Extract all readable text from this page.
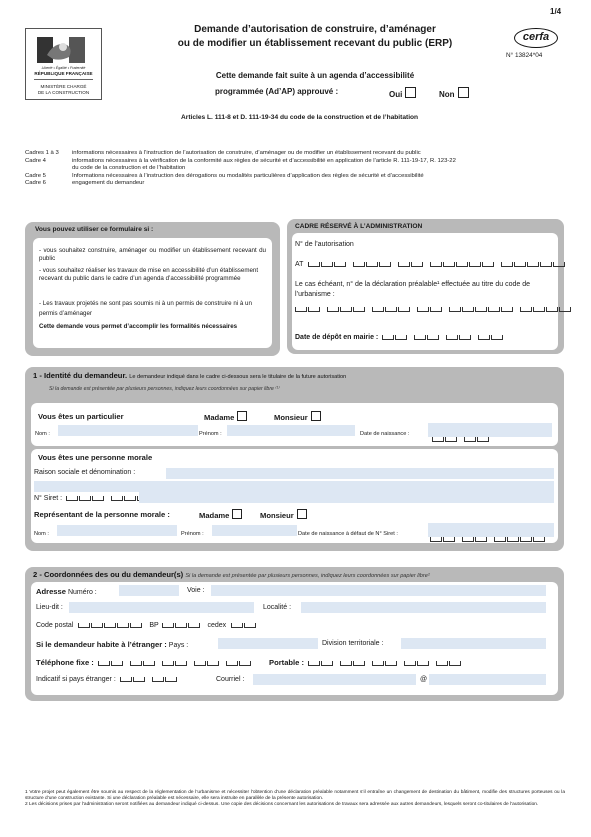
1/4
Liberté • Égalité • Fraternité
RÉPUBLIQUE FRANÇAISE
MINISTÈRE CHARGÉ
DE LA CONSTRUCTION
Demande d’autorisation de construire, d’aménager
ou de modifier un établissement recevant du public (ERP)
cerfa
N° 13824*04
Cette demande fait suite à un agenda d’accessibilité
programmée (Ad’AP) approuvé :	Oui	Non
Articles L. 111-8 et D. 111-19-34 du code de la construction et de l’habitation
Cadres 1 à 3 informations nécessaires à l’instruction de l’autorisation de construire, d’aménager ou de modifier un établissement recevant du public
Cadre 4	informations nécessaires à la vérification de la conformité aux règles de sécurité et d’accessibilité en application de l’article R. 111-19-17, R. 123-22
du code de la construction et de l’habitation
Cadre 5	Informations nécessaires à l’instruction des dérogations ou modalités particulières d’application des règles de sécurité et d’accessibilité
Cadre 6	engagement du demandeur
Vous pouvez utiliser ce formulaire si :
- vous souhaitez construire, aménager ou modifier un établissement recevant du public
- vous souhaitez réaliser les travaux de mise en accessibilité d’un établissement recevant du public dans le cadre d’un agenda d’accessibilité programmée
- Les travaux projetés ne sont pas soumis ni à un permis de construire ni à un permis d’aménager
Cette demande vous permet d’accomplir les formalités nécessaires
CADRE RÉSERVÉ À L’ADMINISTRATION
N° de l’autorisation
AT
Le cas échéant, n° de la déclaration préalable¹ effectuée au titre du code de l’urbanisme :
Date de dépôt en mairie :
1 - Identité du demandeur. Le demandeur indiqué dans le cadre ci-dessous sera le titulaire de la future autorisation
Si la demande est présentée par plusieurs personnes, indiquez leurs coordonnées sur papier libre ⁽¹⁾
Vous êtes un particulier	Madame	Monsieur
Nom :	Prénom :	Date de naissance :
Vous êtes une personne morale
Raison sociale et dénomination :
N° Siret :
Représentant de la personne morale :	Madame	Monsieur
Nom :	Prénom :	Date de naissance à défaut de N° Siret :
2 - Coordonnées des ou du demandeur(s) Si la demande est présentée par plusieurs personnes, indiquez leurs coordonnées sur papier libre²
Adresse Numéro :	Voie :
Lieu-dit :	Localité :
Code postal	BP	cedex
Si le demandeur habite à l’étranger : Pays :	Division territoriale :
Téléphone fixe :	Portable :
Indicatif si pays étranger :	Courriel :	@
1 Votre projet peut également être soumis au respect de la réglementation de l’urbanisme et nécessiter l’obtention d’une déclaration préalable notamment s’il entraîne un changement de destination du bâtiment, modifie des structures porteuses ou la structure d’une construction existante. Si une déclaration préalable est nécessaire, elle sera instruite en parallèle de la présente autorisation.
2 Les décisions prises par l’administration seront notifiées au demandeur indiqué ci-dessus. Une copie des décisions concernant les autorisations de travaux sera adressée aux autres demandeurs, lesquels seront co-titulaires de l’autorisation.
